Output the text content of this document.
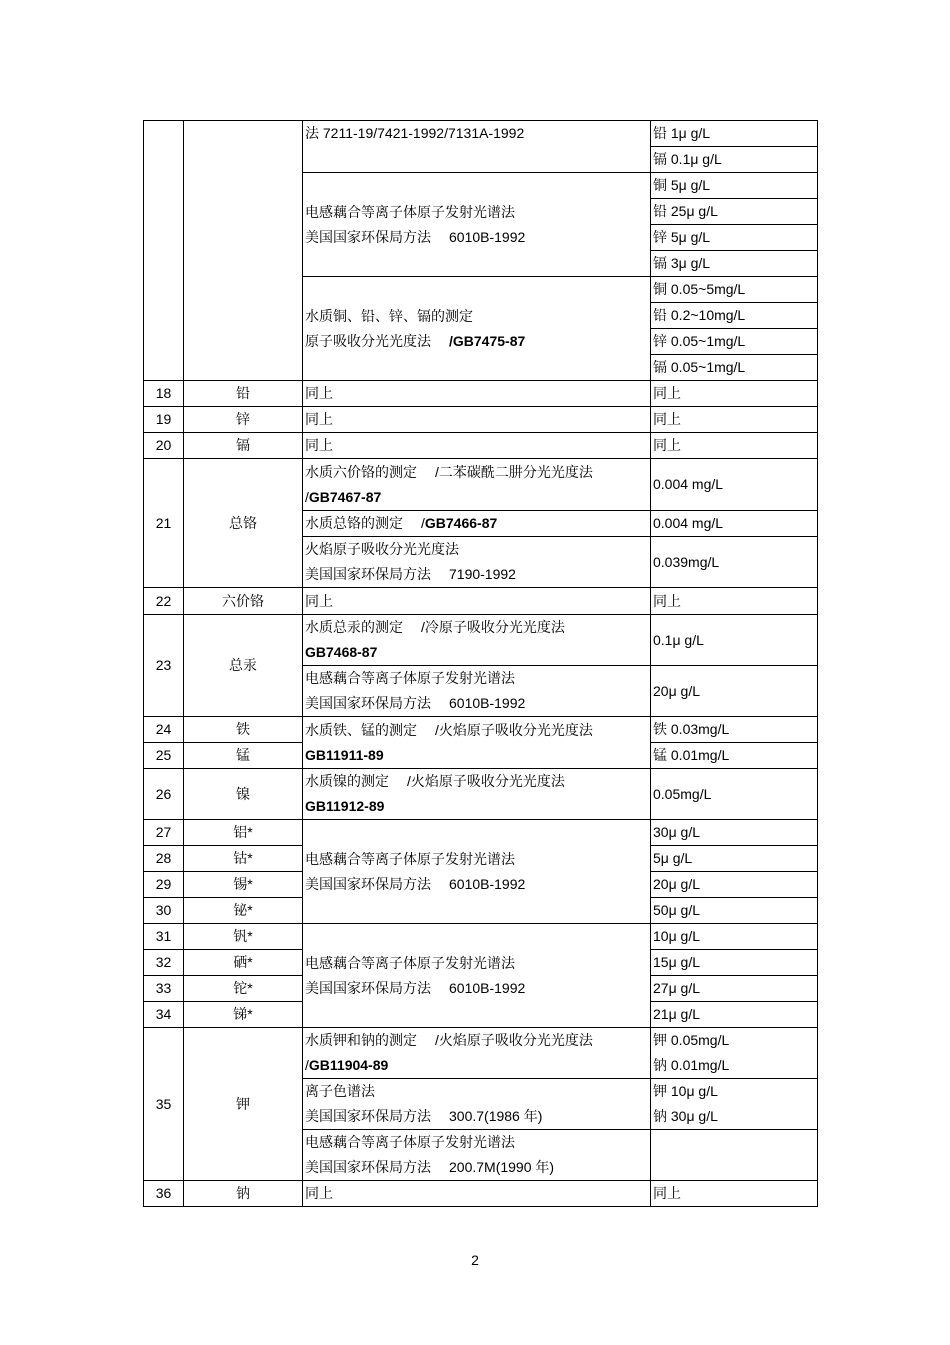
		法 7211-19/7421-1992/7131A-1992	铅 1μ g/L
			镉 0.1μ g/L

		电感藕合等离子体原子发射光谱法
美国国家环保局方法 6010B-1992	铜 5μ g/L
			铅 25μ g/L
			锌 5μ g/L
			镉 3μ g/L

		水质铜、铅、锌、镉的测定
原子吸收分光光度法 /GB7475-87	铜 0.05~5mg/L
			铅 0.2~10mg/L
			锌 0.05~1mg/L
			镉 0.05~1mg/L
18	铅	同上	同上
19	锌	同上	同上
20	镉	同上	同上
21	总铬	水质六价铬的测定 /二苯碳酰二肼分光光度法
/GB7467-87	0.004 mg/L
		水质总铬的测定 /GB7466-87	0.004 mg/L

		火焰原子吸收分光光度法
美国国家环保局方法 7190-1992	0.039mg/L
22	六价铬	同上	同上
23	总汞	水质总汞的测定 /冷原子吸收分光光度法
GB7468-87	0.1μ g/L

		电感藕合等离子体原子发射光谱法
美国国家环保局方法 6010B-1992	20μ g/L
24	铁	水质铁、锰的测定 /火焰原子吸收分光光度法
GB11911-89	铁 0.03mg/L
25	锰		锰 0.01mg/L
26	镍	水质镍的测定 /火焰原子吸收分光光度法
GB11912-89	0.05mg/L
27	铝*	电感藕合等离子体原子发射光谱法
美国国家环保局方法 6010B-1992	30μ g/L
28	钴*		5μ g/L
29	锡*		20μ g/L
30	铋*		50μ g/L
31	钒*	电感藕合等离子体原子发射光谱法
美国国家环保局方法 6010B-1992	10μ g/L
32	硒*		15μ g/L
33	铊*		27μ g/L
34	锑*		21μ g/L
35	钾	水质钾和钠的测定 /火焰原子吸收分光光度法
/GB11904-89	钾 0.05mg/L
钠 0.01mg/L

		离子色谱法
美国国家环保局方法 300.7(1986 年)	钾 10μ g/L
钠 30μ g/L

		电感藕合等离子体原子发射光谱法
美国国家环保局方法 200.7M(1990 年)	

36	钠	同上	同上
2
